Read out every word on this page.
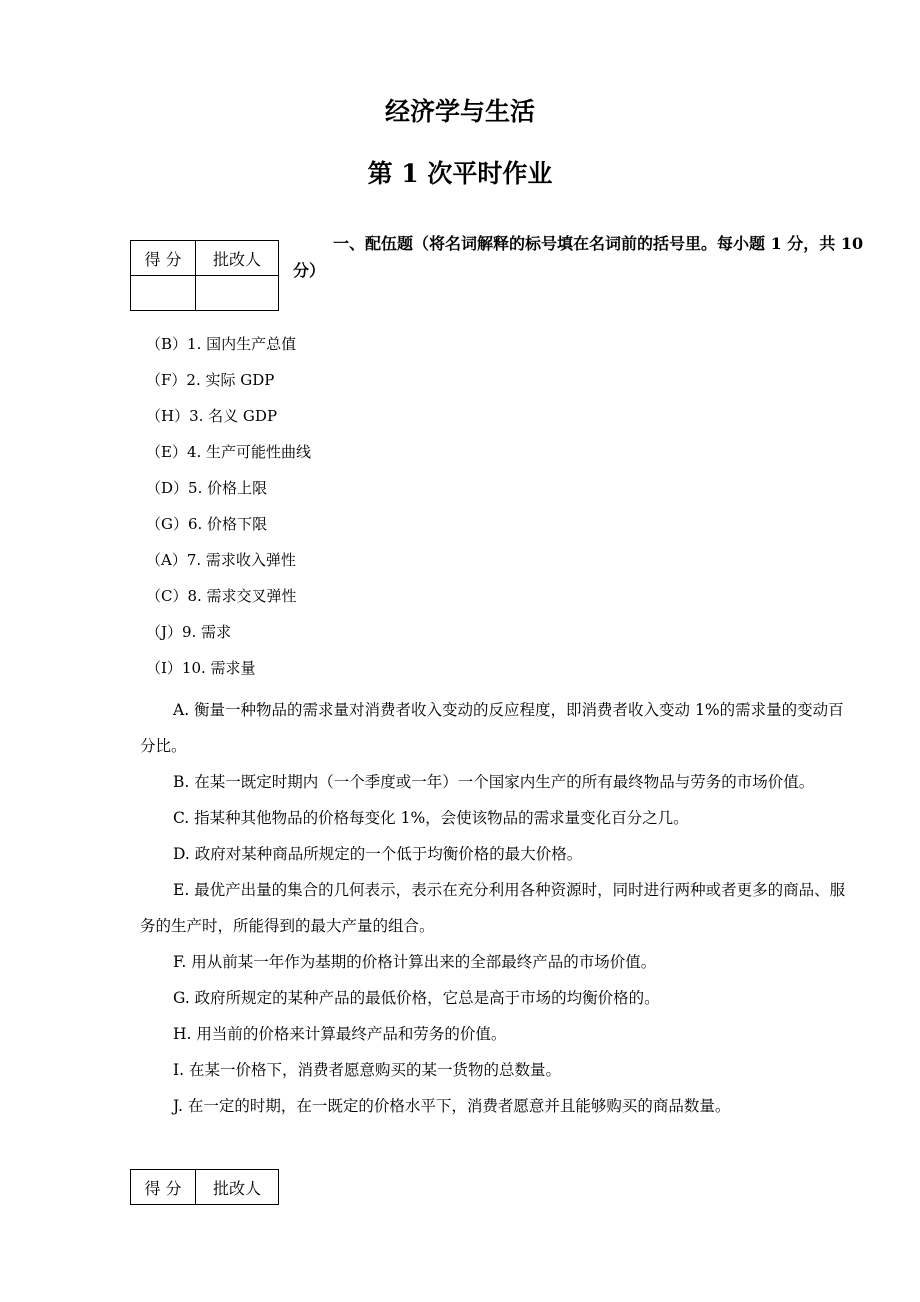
经济学与生活
第 1 次平时作业
得 分	批改人

一、配伍题（将名词解释的标号填在名词前的括号里。每小题 1 分，共 10 分）

（B）1. 国内生产总值
（F）2. 实际 GDP
（H）3. 名义 GDP
（E）4. 生产可能性曲线
（D）5. 价格上限
（G）6. 价格下限
（A）7. 需求收入弹性
（C）8. 需求交叉弹性
（J）9. 需求
（I）10. 需求量

A. 衡量一种物品的需求量对消费者收入变动的反应程度，即消费者收入变动 1%的需求量的变动百分比。

B. 在某一既定时期内（一个季度或一年）一个国家内生产的所有最终物品与劳务的市场价值。

C. 指某种其他物品的价格每变化 1%，会使该物品的需求量变化百分之几。

D. 政府对某种商品所规定的一个低于均衡价格的最大价格。

E. 最优产出量的集合的几何表示，表示在充分利用各种资源时，同时进行两种或者更多的商品、服务的生产时，所能得到的最大产量的组合。

F. 用从前某一年作为基期的价格计算出来的全部最终产品的市场价值。

G. 政府所规定的某种产品的最低价格，它总是高于市场的均衡价格的。

H. 用当前的价格来计算最终产品和劳务的价值。

I. 在某一价格下，消费者愿意购买的某一货物的总数量。

J. 在一定的时期，在一既定的价格水平下，消费者愿意并且能够购买的商品数量。

得 分	批改人
